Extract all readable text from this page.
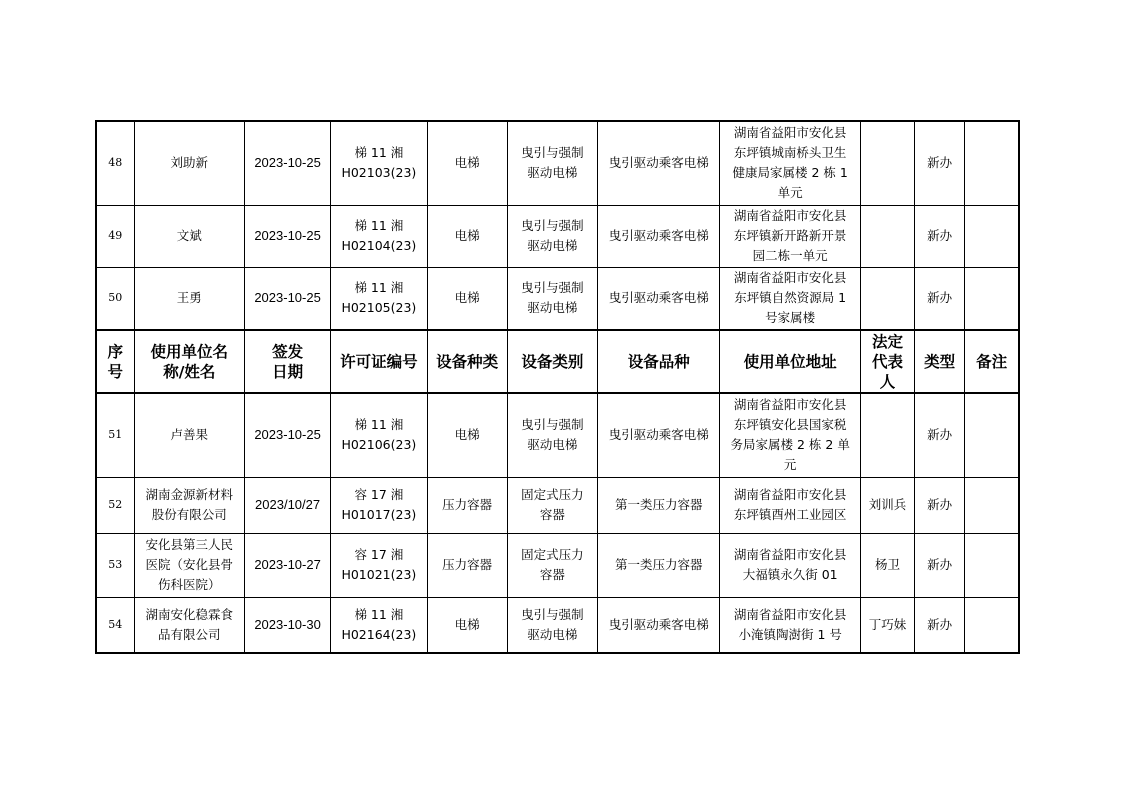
48	刘助新	2023-10-25	梯 11 湘
H02103(23)	电梯	曳引与强制
驱动电梯	曳引驱动乘客电梯	湖南省益阳市安化县
东坪镇城南桥头卫生
健康局家属楼 2 栋 1
单元		新办	

49	文斌	2023-10-25	梯 11 湘
H02104(23)	电梯	曳引与强制
驱动电梯	曳引驱动乘客电梯	湖南省益阳市安化县
东坪镇新开路新开景
园二栋一单元		新办	

50	王勇	2023-10-25	梯 11 湘
H02105(23)	电梯	曳引与强制
驱动电梯	曳引驱动乘客电梯	湖南省益阳市安化县
东坪镇自然资源局 1
号家属楼		新办	

序
号	使用单位名
称/姓名	签发
日期	许可证编号	设备种类	设备类别	设备品种	使用单位地址	法定
代表
人	类型	备注

51	卢善果	2023-10-25	梯 11 湘
H02106(23)	电梯	曳引与强制
驱动电梯	曳引驱动乘客电梯	湖南省益阳市安化县
东坪镇安化县国家税
务局家属楼 2 栋 2 单
元		新办	

52	湖南金源新材料
股份有限公司	2023/10/27	容 17 湘
H01017(23)	压力容器	固定式压力
容器	第一类压力容器	湖南省益阳市安化县
东坪镇酉州工业园区	刘训兵	新办	

53	安化县第三人民
医院（安化县骨
伤科医院）	2023-10-27	容 17 湘
H01021(23)	压力容器	固定式压力
容器	第一类压力容器	湖南省益阳市安化县
大福镇永久街 01	杨卫	新办	

54	湖南安化稳霖食
品有限公司	2023-10-30	梯 11 湘
H02164(23)	电梯	曳引与强制
驱动电梯	曳引驱动乘客电梯	湖南省益阳市安化县
小淹镇陶澍街 1 号	丁巧妹	新办	
